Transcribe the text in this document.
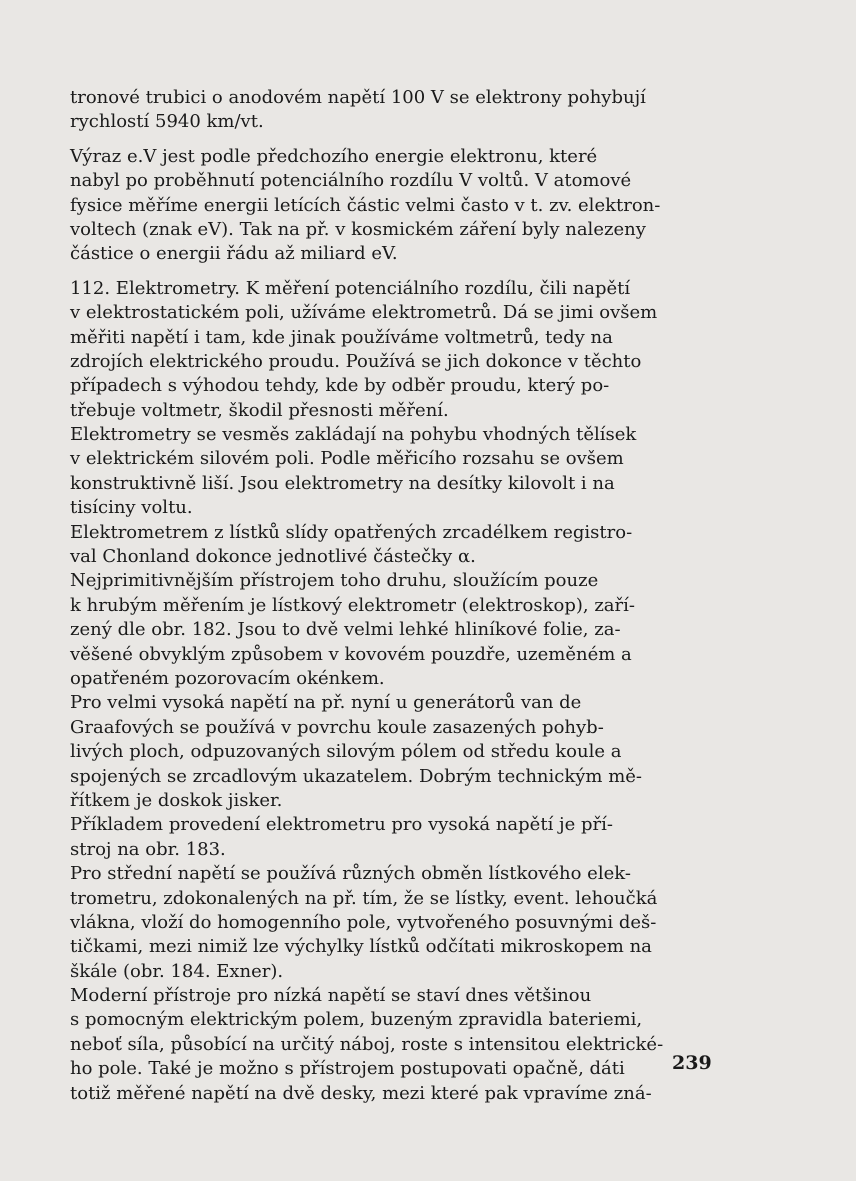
tronové trubici o anodovém napětí 100 V se elektrony pohybují
rychlostí 5940 km/vt.
Výraz e.V jest podle předchozího energie elektronu, které
nabyl po proběhnutí potenciálního rozdílu V voltů. V atomové
fysice měříme energii letících částic velmi často v t. zv. elektron-
voltech (znak eV). Tak na př. v kosmickém záření byly nalezeny
částice o energii řádu až miliard eV.
112. Elektrometry. K měření potenciálního rozdílu, čili napětí
v elektrostatickém poli, užíváme elektrometrů. Dá se jimi ovšem
měřiti napětí i tam, kde jinak používáme voltmetrů, tedy na
zdrojích elektrického proudu. Používá se jich dokonce v těchto
případech s výhodou tehdy, kde by odběr proudu, který po-
třebuje voltmetr, škodil přesnosti měření.
Elektrometry se vesměs zakládají na pohybu vhodných tělísek
v elektrickém silovém poli. Podle měřicího rozsahu se ovšem
konstruktivně liší. Jsou elektrometry na desítky kilovolt i na
tisíciny voltu.
Elektrometrem z lístků slídy opatřených zrcadélkem registro-
val Chonland dokonce jednotlivé částečky α.
Nejprimitivnějším přístrojem toho druhu, sloužícím pouze
k hrubým měřením je lístkový elektrometr (elektroskop), zaří-
zený dle obr. 182. Jsou to dvě velmi lehké hliníkové folie, za-
věšené obvyklým způsobem v kovovém pouzdře, uzeměném a
opatřeném pozorovacím okénkem.
Pro velmi vysoká napětí na př. nyní u generátorů van de
Graafových se používá v povrchu koule zasazených pohyb-
livých ploch, odpuzovaných silovým pólem od středu koule a
spojených se zrcadlovým ukazatelem. Dobrým technickým mě-
řítkem je doskok jisker.
Příkladem provedení elektrometru pro vysoká napětí je pří-
stroj na obr. 183.
Pro střední napětí se používá různých obměn lístkového elek-
trometru, zdokonalených na př. tím, že se lístky, event. lehoučká
vlákna, vloží do homogenního pole, vytvořeného posuvnými deš-
tičkami, mezi nimiž lze výchylky lístků odčítati mikroskopem na
škále (obr. 184. Exner).
Moderní přístroje pro nízká napětí se staví dnes většinou
s pomocným elektrickým polem, buzeným zpravidla bateriemi,
neboť síla, působící na určitý náboj, roste s intensitou elektrické-
ho pole. Také je možno s přístrojem postupovati opačně, dáti
totiž měřené napětí na dvě desky, mezi které pak vpravíme zná-
239
